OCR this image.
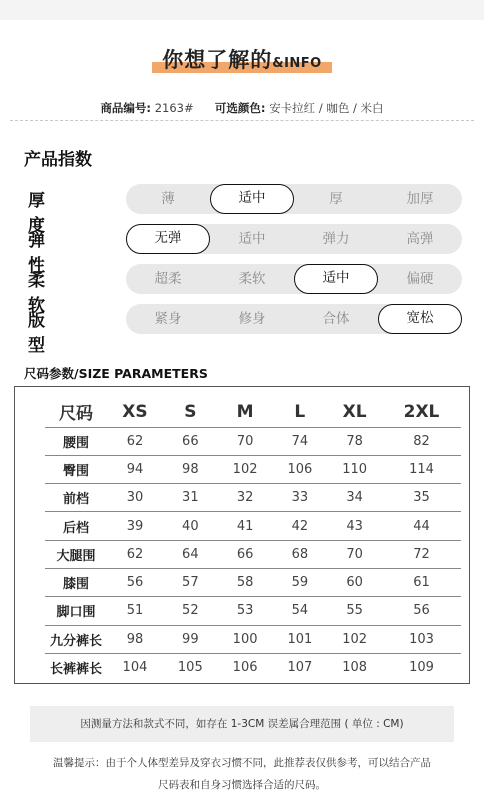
你想了解的&INFO
商品编号: 2163# 可选颜色: 安卡拉红 / 咖色 / 米白
产品指数
厚度
薄	适中	厚	加厚
弹性
无弹	适中	弹力	高弹
柔软
超柔	柔软	适中	偏硬
版型
紧身	修身	合体	宽松
尺码参数/SIZE PARAMETERS
尺码	XS	S	M	L	XL	2XL
腰围	62	66	70	74	78	82
臀围	94	98	102	106	110	114
前档	30	31	32	33	34	35
后档	39	40	41	42	43	44
大腿围	62	64	66	68	70	72
膝围	56	57	58	59	60	61
脚口围	51	52	53	54	55	56
九分裤长	98	99	100	101	102	103
长裤裤长	104	105	106	107	108	109
因测量方法和款式不同，如存在 1-3CM 误差属合理范围 ( 单位 : CM)
温馨提示：由于个人体型差异及穿衣习惯不同，此推荐表仅供参考，可以结合产品
尺码表和自身习惯选择合适的尺码。
